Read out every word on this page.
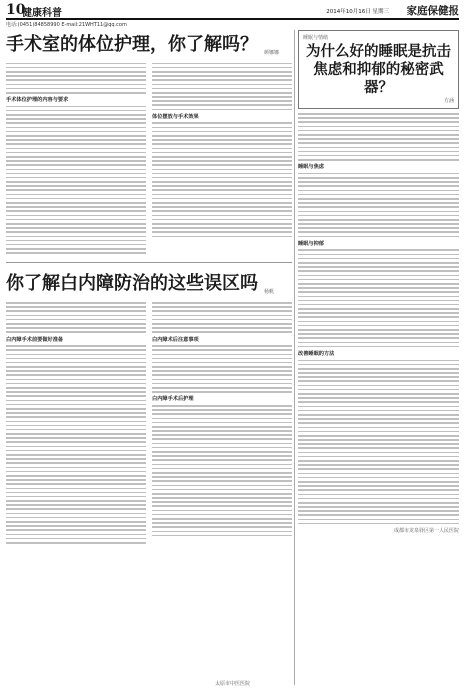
10
健康科普	2014年10月16日 星期三 家庭保健报
电话:(0451)84858990 E-mail:21WHT11@qq.com
手术室的体位护理，你了解吗？ 颜娜娜
手术体位护理的内容与要求
体位摆放与手术效果
你了解白内障防治的这些误区吗 杨帆
白内障手术前要做好准备	白内障术后注意事项
白内障手术后护理
睡眠与情绪
为什么好的睡眠是抗击焦虑和抑郁的秘密武器？
方涵
睡眠与焦虑
睡眠与抑郁
改善睡眠的方法
成都市龙泉驿区第一人民医院
太原市中医医院
